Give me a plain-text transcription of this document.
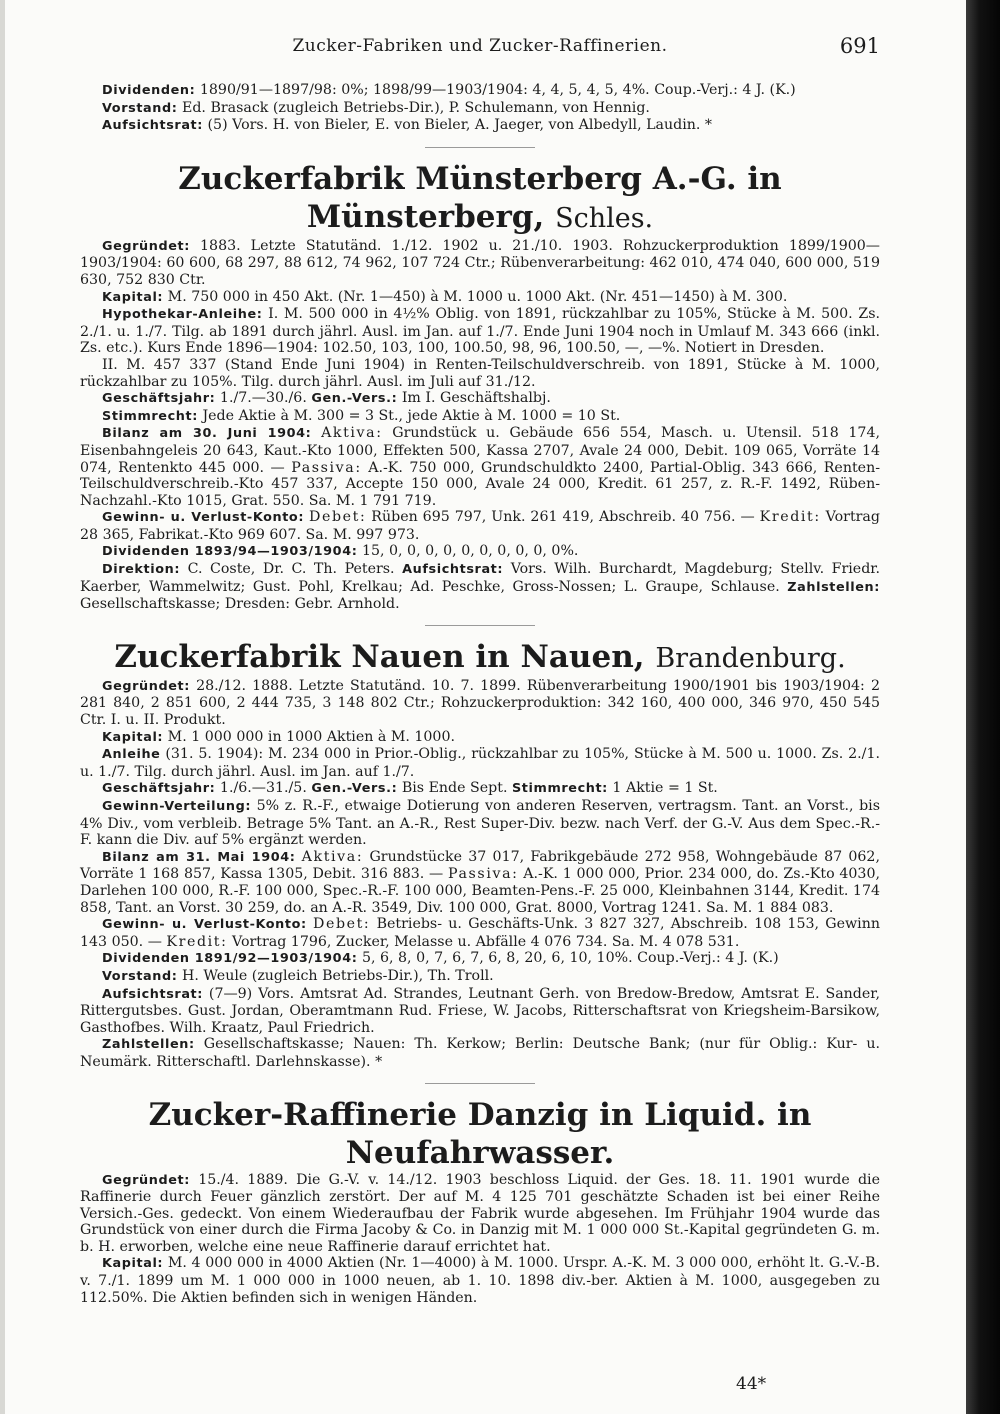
Zucker-Fabriken und Zucker-Raffinerien.	691

Dividenden: 1890/91—1897/98: 0%; 1898/99—1903/1904: 4, 4, 5, 4, 5, 4%. Coup.-Verj.: 4 J. (K.)

Vorstand: Ed. Brasack (zugleich Betriebs-Dir.), P. Schulemann, von Hennig.

Aufsichtsrat: (5) Vors. H. von Bieler, E. von Bieler, A. Jaeger, von Albedyll, Laudin. *

Zuckerfabrik Münsterberg A.-G. in Münsterberg, Schles.

Gegründet: 1883. Letzte Statutänd. 1./12. 1902 u. 21./10. 1903. Rohzuckerproduktion 1899/1900—1903/1904: 60 600, 68 297, 88 612, 74 962, 107 724 Ctr.; Rübenverarbeitung: 462 010, 474 040, 600 000, 519 630, 752 830 Ctr.

Kapital: M. 750 000 in 450 Akt. (Nr. 1—450) à M. 1000 u. 1000 Akt. (Nr. 451—1450) à M. 300.

Hypothekar-Anleihe: I. M. 500 000 in 4½% Oblig. von 1891, rückzahlbar zu 105%, Stücke à M. 500. Zs. 2./1. u. 1./7. Tilg. ab 1891 durch jährl. Ausl. im Jan. auf 1./7. Ende Juni 1904 noch in Umlauf M. 343 666 (inkl. Zs. etc.). Kurs Ende 1896—1904: 102.50, 103, 100, 100.50, 98, 96, 100.50, —, —%. Notiert in Dresden.

II. M. 457 337 (Stand Ende Juni 1904) in Renten-Teilschuldverschreib. von 1891, Stücke à M. 1000, rückzahlbar zu 105%. Tilg. durch jährl. Ausl. im Juli auf 31./12.

Geschäftsjahr: 1./7.—30./6. Gen.-Vers.: Im I. Geschäftshalbj.

Stimmrecht: Jede Aktie à M. 300 = 3 St., jede Aktie à M. 1000 = 10 St.

Bilanz am 30. Juni 1904: Aktiva: Grundstück u. Gebäude 656 554, Masch. u. Utensil. 518 174, Eisenbahngeleis 20 643, Kaut.-Kto 1000, Effekten 500, Kassa 2707, Avale 24 000, Debit. 109 065, Vorräte 14 074, Rentenkto 445 000. — Passiva: A.-K. 750 000, Grundschuldkto 2400, Partial-Oblig. 343 666, Renten-Teilschuldverschreib.-Kto 457 337, Accepte 150 000, Avale 24 000, Kredit. 61 257, z. R.-F. 1492, Rüben-Nachzahl.-Kto 1015, Grat. 550. Sa. M. 1 791 719.

Gewinn- u. Verlust-Konto: Debet: Rüben 695 797, Unk. 261 419, Abschreib. 40 756. — Kredit: Vortrag 28 365, Fabrikat.-Kto 969 607. Sa. M. 997 973.

Dividenden 1893/94—1903/1904: 15, 0, 0, 0, 0, 0, 0, 0, 0, 0, 0%.

Direktion: C. Coste, Dr. C. Th. Peters. Aufsichtsrat: Vors. Wilh. Burchardt, Magdeburg; Stellv. Friedr. Kaerber, Wammelwitz; Gust. Pohl, Krelkau; Ad. Peschke, Gross-Nossen; L. Graupe, Schlause. Zahlstellen: Gesellschaftskasse; Dresden: Gebr. Arnhold.

Zuckerfabrik Nauen in Nauen, Brandenburg.

Gegründet: 28./12. 1888. Letzte Statutänd. 10. 7. 1899. Rübenverarbeitung 1900/1901 bis 1903/1904: 2 281 840, 2 851 600, 2 444 735, 3 148 802 Ctr.; Rohzuckerproduktion: 342 160, 400 000, 346 970, 450 545 Ctr. I. u. II. Produkt.

Kapital: M. 1 000 000 in 1000 Aktien à M. 1000.

Anleihe (31. 5. 1904): M. 234 000 in Prior.-Oblig., rückzahlbar zu 105%, Stücke à M. 500 u. 1000. Zs. 2./1. u. 1./7. Tilg. durch jährl. Ausl. im Jan. auf 1./7.

Geschäftsjahr: 1./6.—31./5. Gen.-Vers.: Bis Ende Sept. Stimmrecht: 1 Aktie = 1 St.

Gewinn-Verteilung: 5% z. R.-F., etwaige Dotierung von anderen Reserven, vertragsm. Tant. an Vorst., bis 4% Div., vom verbleib. Betrage 5% Tant. an A.-R., Rest Super-Div. bezw. nach Verf. der G.-V. Aus dem Spec.-R.-F. kann die Div. auf 5% ergänzt werden.

Bilanz am 31. Mai 1904: Aktiva: Grundstücke 37 017, Fabrikgebäude 272 958, Wohngebäude 87 062, Vorräte 1 168 857, Kassa 1305, Debit. 316 883. — Passiva: A.-K. 1 000 000, Prior. 234 000, do. Zs.-Kto 4030, Darlehen 100 000, R.-F. 100 000, Spec.-R.-F. 100 000, Beamten-Pens.-F. 25 000, Kleinbahnen 3144, Kredit. 174 858, Tant. an Vorst. 30 259, do. an A.-R. 3549, Div. 100 000, Grat. 8000, Vortrag 1241. Sa. M. 1 884 083.

Gewinn- u. Verlust-Konto: Debet: Betriebs- u. Geschäfts-Unk. 3 827 327, Abschreib. 108 153, Gewinn 143 050. — Kredit: Vortrag 1796, Zucker, Melasse u. Abfälle 4 076 734. Sa. M. 4 078 531.

Dividenden 1891/92—1903/1904: 5, 6, 8, 0, 7, 6, 7, 6, 8, 20, 6, 10, 10%. Coup.-Verj.: 4 J. (K.)

Vorstand: H. Weule (zugleich Betriebs-Dir.), Th. Troll.

Aufsichtsrat: (7—9) Vors. Amtsrat Ad. Strandes, Leutnant Gerh. von Bredow-Bredow, Amtsrat E. Sander, Rittergutsbes. Gust. Jordan, Oberamtmann Rud. Friese, W. Jacobs, Ritterschaftsrat von Kriegsheim-Barsikow, Gasthofbes. Wilh. Kraatz, Paul Friedrich.

Zahlstellen: Gesellschaftskasse; Nauen: Th. Kerkow; Berlin: Deutsche Bank; (nur für Oblig.: Kur- u. Neumärk. Ritterschaftl. Darlehnskasse). *

Zucker-Raffinerie Danzig in Liquid. in Neufahrwasser.

Gegründet: 15./4. 1889. Die G.-V. v. 14./12. 1903 beschloss Liquid. der Ges. 18. 11. 1901 wurde die Raffinerie durch Feuer gänzlich zerstört. Der auf M. 4 125 701 geschätzte Schaden ist bei einer Reihe Versich.-Ges. gedeckt. Von einem Wiederaufbau der Fabrik wurde abgesehen. Im Frühjahr 1904 wurde das Grundstück von einer durch die Firma Jacoby & Co. in Danzig mit M. 1 000 000 St.-Kapital gegründeten G. m. b. H. erworben, welche eine neue Raffinerie darauf errichtet hat.

Kapital: M. 4 000 000 in 4000 Aktien (Nr. 1—4000) à M. 1000. Urspr. A.-K. M. 3 000 000, erhöht lt. G.-V.-B. v. 7./1. 1899 um M. 1 000 000 in 1000 neuen, ab 1. 10. 1898 div.-ber. Aktien à M. 1000, ausgegeben zu 112.50%. Die Aktien befinden sich in wenigen Händen.

44*
